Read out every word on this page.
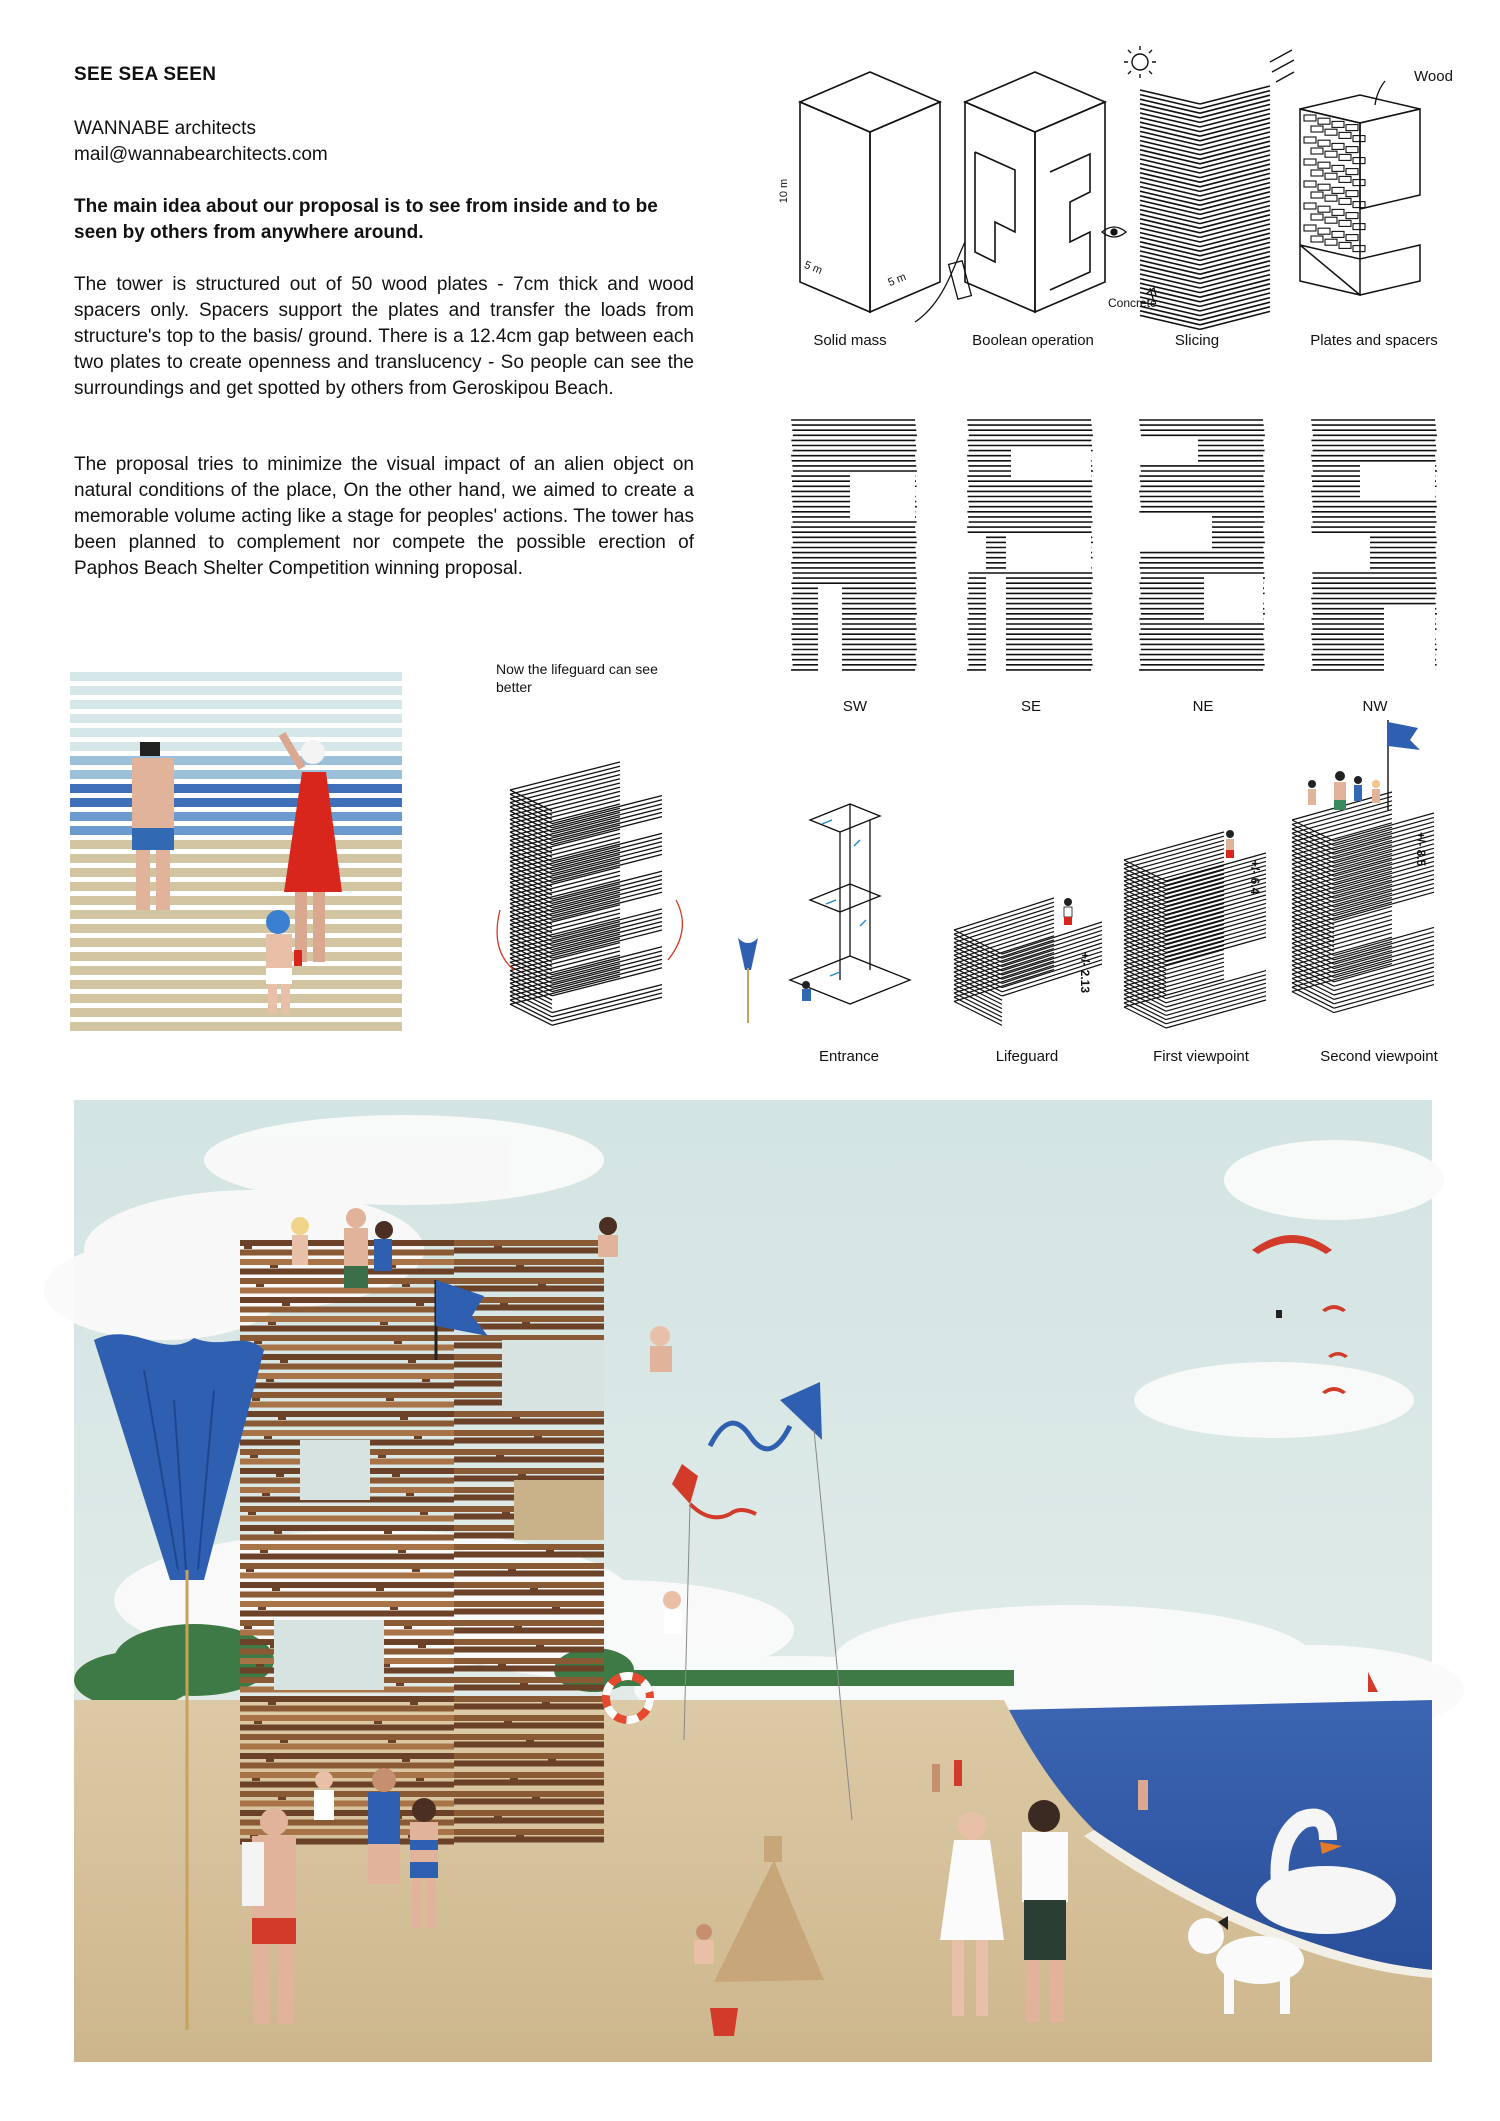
SEE SEA SEEN
WANNABE architects
mail@wannabearchitects.com
The main idea about our proposal is to see from inside and to be seen by others from anywhere around.
The tower is structured out of 50 wood plates - 7cm thick and wood spacers only. Spacers support the plates and transfer the loads from structure's top to the basis/ ground. There is a 12.4cm gap between each two plates to create openness and translucency - So people can see the surroundings and get spotted by others from Geroskipou Beach.
The proposal tries to minimize the visual impact of an alien object on natural conditions of the place, On the other hand, we aimed to create a memorable volume acting like a stage for peoples' actions. The tower has been planned to complement nor compete the possible erection of Paphos Beach Shelter Competition winning proposal.
10 m
5 m
5 m
Concrete
Wood
Solid mass	Boolean operation	Slicing	Plates and spacers
SW	SE	NE	NW
Now the lifeguard can see better
+/- 2.13
+/- 6.4
+/- 8.5
Entrance	Lifeguard	First viewpoint	Second viewpoint
